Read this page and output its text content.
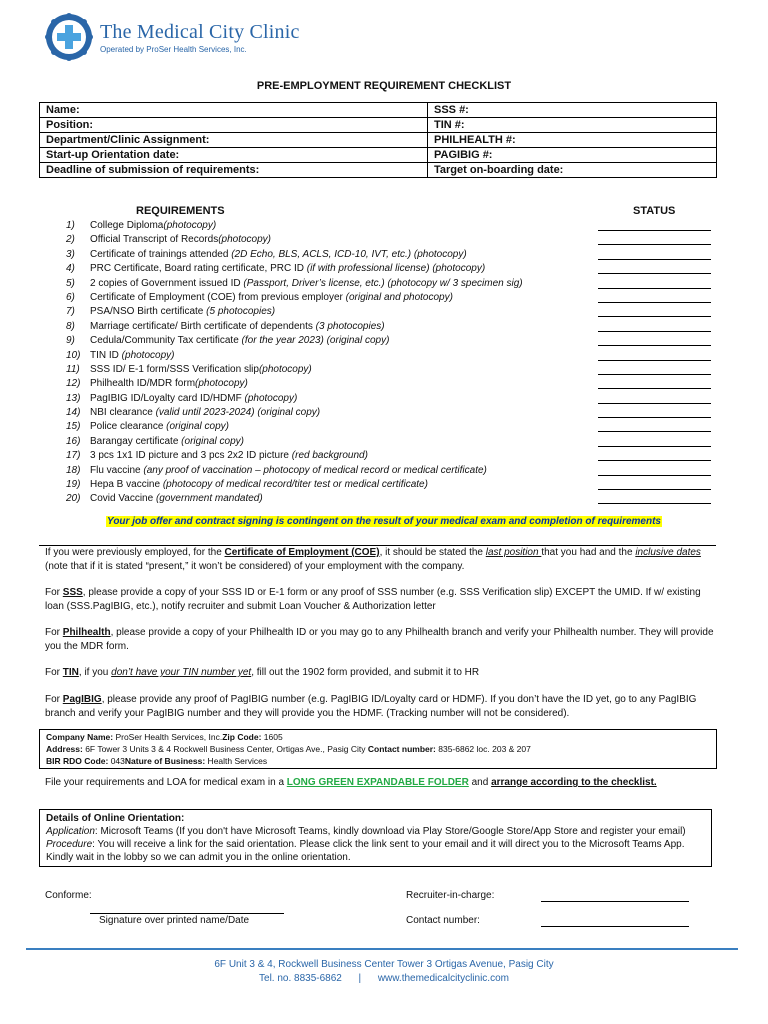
The Medical City Clinic
Operated by ProSer Health Services, Inc.
PRE-EMPLOYMENT REQUIREMENT CHECKLIST
Name:	SSS #:
Position:	TIN #:
Department/Clinic Assignment:	PHILHEALTH #:
Start-up Orientation date:	PAGIBIG #:
Deadline of submission of requirements:	Target on-boarding date:
REQUIREMENTS	STATUS
1) College Diploma(photocopy)
2) Official Transcript of Records(photocopy)
3) Certificate of trainings attended (2D Echo, BLS, ACLS, ICD-10, IVT, etc.) (photocopy)
4) PRC Certificate, Board rating certificate, PRC ID (if with professional license) (photocopy)
5) 2 copies of Government issued ID (Passport, Driver’s license, etc.) (photocopy w/ 3 specimen sig)
6) Certificate of Employment (COE) from previous employer (original and photocopy)
7) PSA/NSO Birth certificate (5 photocopies)
8) Marriage certificate/ Birth certificate of dependents (3 photocopies)
9) Cedula/Community Tax certificate (for the year 2023) (original copy)
10) TIN ID (photocopy)
11) SSS ID/ E-1 form/SSS Verification slip(photocopy)
12) Philhealth ID/MDR form(photocopy)
13) PagIBIG ID/Loyalty card ID/HDMF (photocopy)
14) NBI clearance (valid until 2023-2024) (original copy)
15) Police clearance (original copy)
16) Barangay certificate (original copy)
17) 3 pcs 1x1 ID picture and 3 pcs 2x2 ID picture (red background)
18) Flu vaccine (any proof of vaccination – photocopy of medical record or medical certificate)
19) Hepa B vaccine (photocopy of medical record/titer test or medical certificate)
20) Covid Vaccine (government mandated)
Your job offer and contract signing is contingent on the result of your medical exam and completion of requirements
If you were previously employed, for the Certificate of Employment (COE), it should be stated the last position that you had and the inclusive dates (note that if it is stated “present,” it won’t be considered) of your employment with the company.
For SSS, please provide a copy of your SSS ID or E-1 form or any proof of SSS number (e.g. SSS Verification slip) EXCEPT the UMID. If w/ existing loan (SSS.PagIBIG, etc.), notify recruiter and submit Loan Voucher & Authorization letter
For Philhealth, please provide a copy of your Philhealth ID or you may go to any Philhealth branch and verify your Philhealth number. They will provide you the MDR form.
For TIN, if you don’t have your TIN number yet, fill out the 1902 form provided, and submit it to HR
For PagIBIG, please provide any proof of PagIBIG number (e.g. PagIBIG ID/Loyalty card or HDMF). If you don’t have the ID yet, go to any PagIBIG branch and verify your PagIBIG number and they will provide you the HDMF. (Tracking number will not be considered).
Company Name: ProSer Health Services, Inc.Zip Code: 1605
Address: 6F Tower 3 Units 3 & 4 Rockwell Business Center, Ortigas Ave., Pasig City Contact number: 835-6862 loc. 203 & 207
BIR RDO Code: 043Nature of Business: Health Services
File your requirements and LOA for medical exam in a LONG GREEN EXPANDABLE FOLDER and arrange according to the checklist.
Details of Online Orientation:
Application: Microsoft Teams (If you don't have Microsoft Teams, kindly download via Play Store/Google Store/App Store and register your email)
Procedure: You will receive a link for the said orientation. Please click the link sent to your email and it will direct you to the Microsoft Teams App. Kindly wait in the lobby so we can admit you in the online orientation.
Conforme:
Signature over printed name/Date
Recruiter-in-charge:
Contact number:
6F Unit 3 & 4, Rockwell Business Center Tower 3 Ortigas Avenue, Pasig City
Tel. no. 8835-6862 | www.themedicalcityclinic.com
